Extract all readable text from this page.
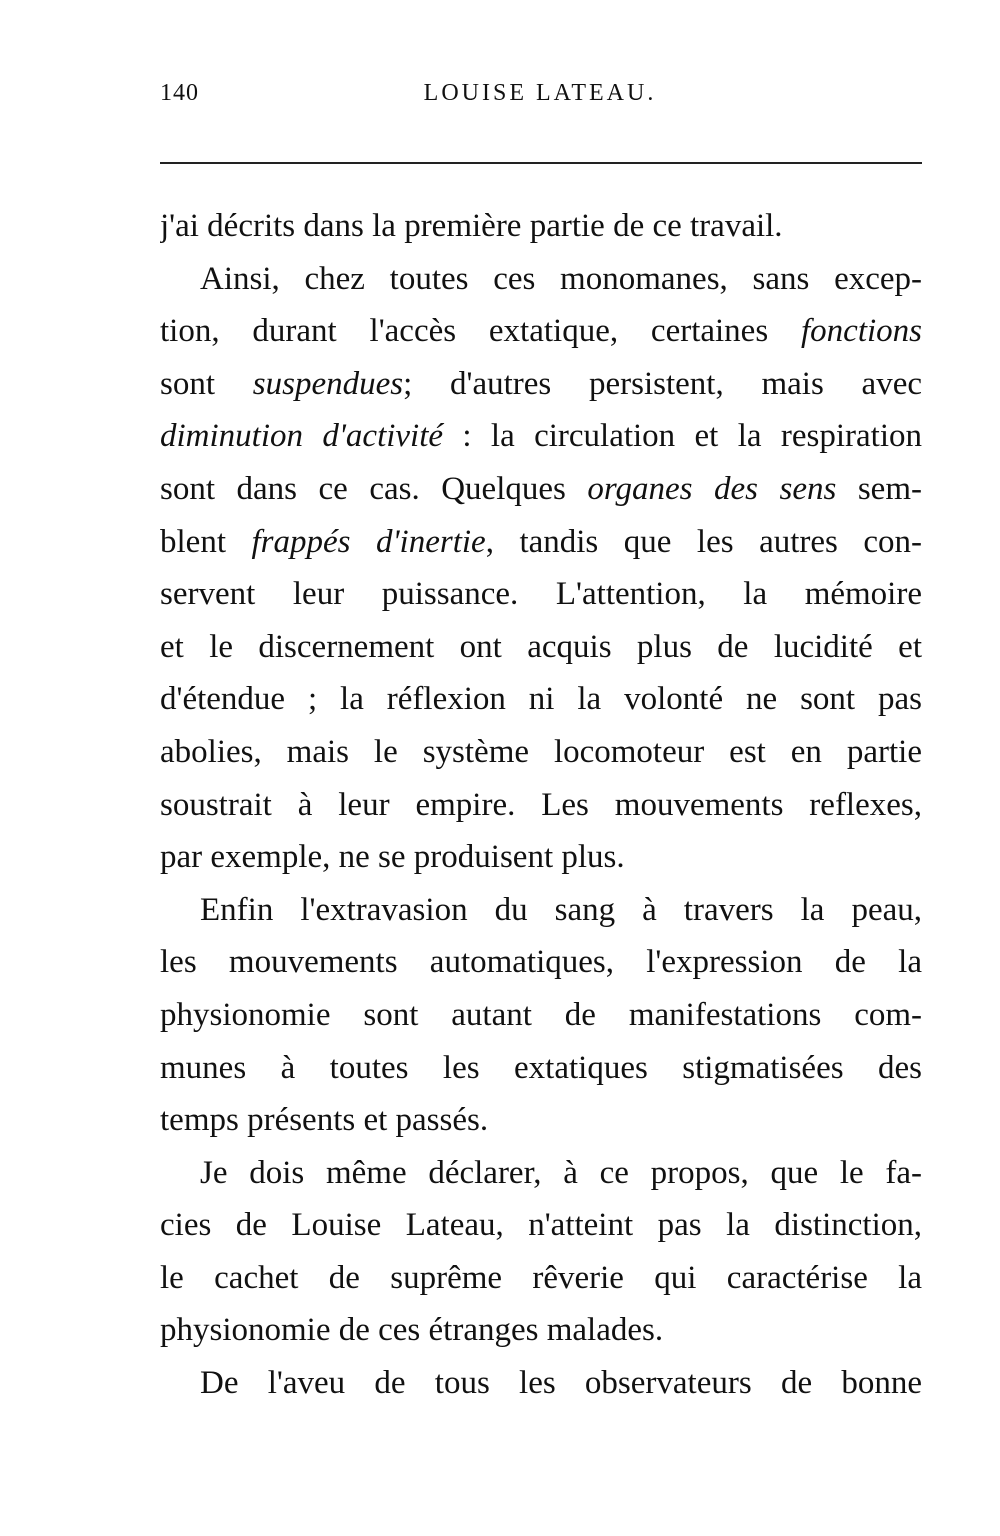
140	LOUISE LATEAU.
j'ai décrits dans la première partie de ce travail.
Ainsi, chez toutes ces monomanes, sans excep-
tion, durant l'accès extatique, certaines fonctions
sont suspendues; d'autres persistent, mais avec
diminution d'activité : la circulation et la respiration
sont dans ce cas. Quelques organes des sens sem-
blent frappés d'inertie, tandis que les autres con-
servent leur puissance. L'attention, la mémoire
et le discernement ont acquis plus de lucidité et
d'étendue ; la réflexion ni la volonté ne sont pas
abolies, mais le système locomoteur est en partie
soustrait à leur empire. Les mouvements reflexes,
par exemple, ne se produisent plus.
Enfin l'extravasion du sang à travers la peau,
les mouvements automatiques, l'expression de la
physionomie sont autant de manifestations com-
munes à toutes les extatiques stigmatisées des
temps présents et passés.
Je dois même déclarer, à ce propos, que le fa-
cies de Louise Lateau, n'atteint pas la distinction,
le cachet de suprême rêverie qui caractérise la
physionomie de ces étranges malades.
De l'aveu de tous les observateurs de bonne
